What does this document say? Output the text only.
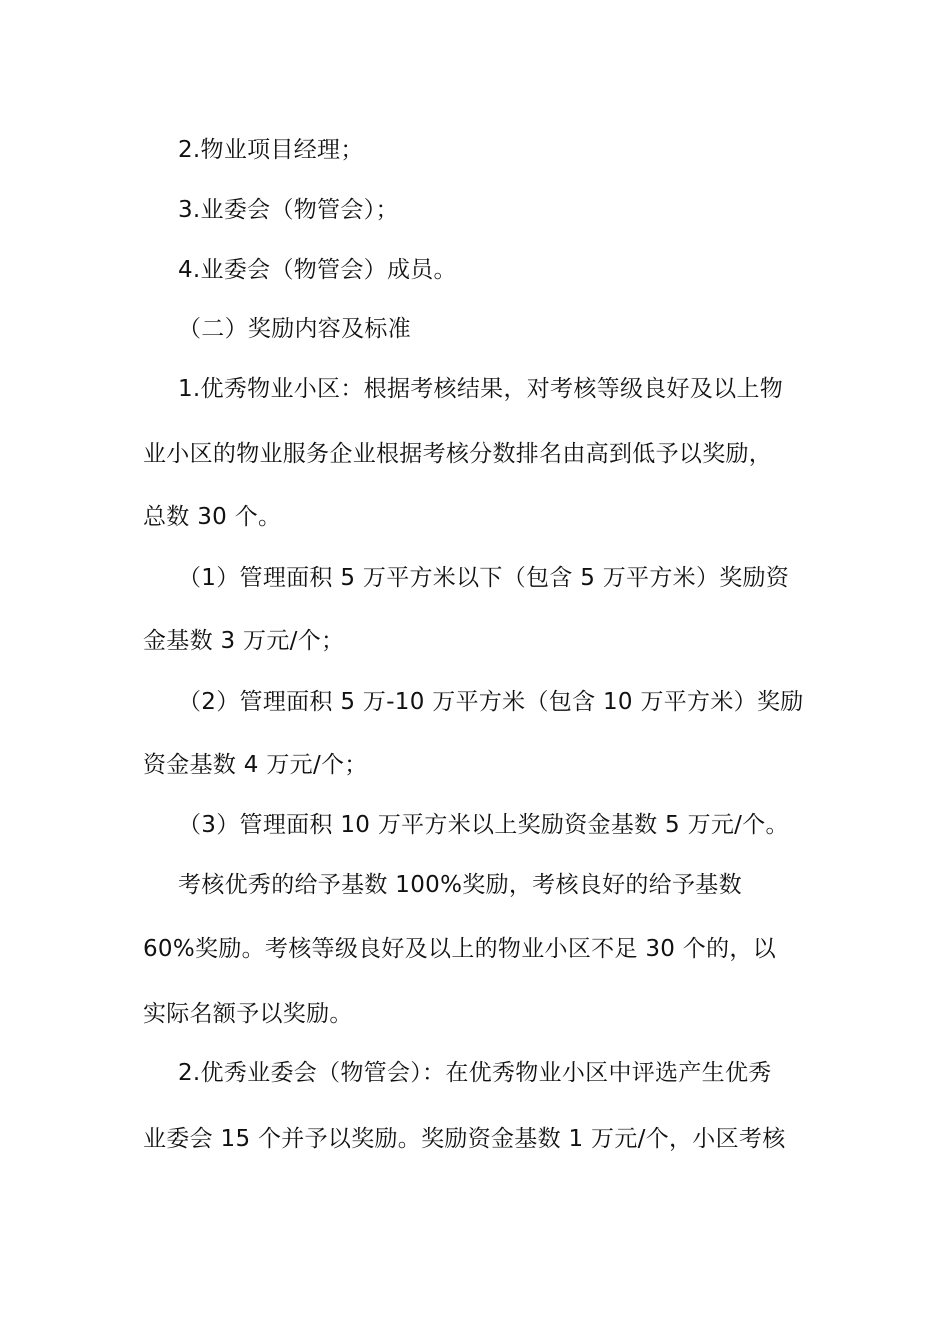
2.物业项目经理；
3.业委会（物管会）；
4.业委会（物管会）成员。
（二）奖励内容及标准
1.优秀物业小区：根据考核结果，对考核等级良好及以上物
业小区的物业服务企业根据考核分数排名由高到低予以奖励，
总数 30 个。
（1）管理面积 5 万平方米以下（包含 5 万平方米）奖励资
金基数 3 万元/个；
（2）管理面积 5 万-10 万平方米（包含 10 万平方米）奖励
资金基数 4 万元/个；
（3）管理面积 10 万平方米以上奖励资金基数 5 万元/个。
考核优秀的给予基数 100%奖励，考核良好的给予基数
60%奖励。考核等级良好及以上的物业小区不足 30 个的，以
实际名额予以奖励。
2.优秀业委会（物管会）：在优秀物业小区中评选产生优秀
业委会 15 个并予以奖励。奖励资金基数 1 万元/个，小区考核
